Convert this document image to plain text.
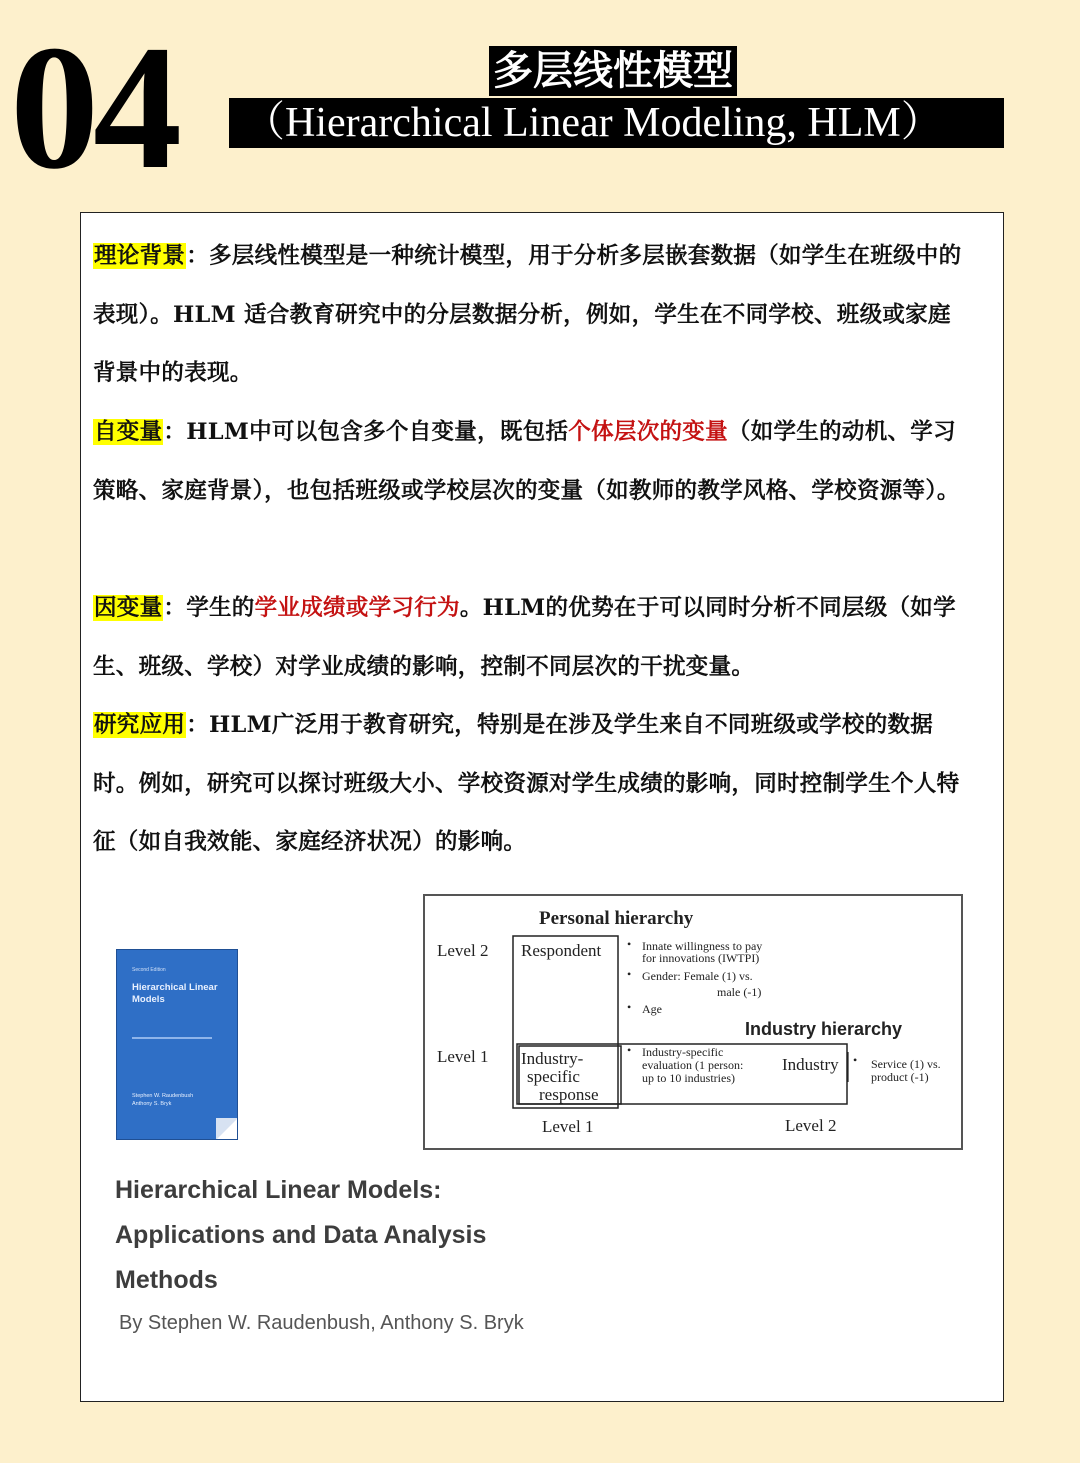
04	多层线性模型
（Hierarchical Linear Modeling, HLM）
理论背景：多层线性模型是一种统计模型，用于分析多层嵌套数据（如学生在班级中的表现）。HLM 适合教育研究中的分层数据分析，例如，学生在不同学校、班级或家庭背景中的表现。
自变量：HLM中可以包含多个自变量，既包括个体层次的变量（如学生的动机、学习策略、家庭背景），也包括班级或学校层次的变量（如教师的教学风格、学校资源等）。
因变量：学生的学业成绩或学习行为。HLM的优势在于可以同时分析不同层级（如学生、班级、学校）对学业成绩的影响，控制不同层次的干扰变量。
研究应用：HLM广泛用于教育研究，特别是在涉及学生来自不同班级或学校的数据时。例如，研究可以探讨班级大小、学校资源对学生成绩的影响，同时控制学生个人特征（如自我效能、家庭经济状况）的影响。
Second Edition
Hierarchical Linear
Models
Stephen W. Raudenbush
Anthony S. Bryk
Personal hierarchy
Level 2
Level 1
Respondent
Industry-
specific
response
• Innate willingness to pay
for innovations (IWTPI)
• Gender: Female (1) vs.
male (-1)
• Age
Industry hierarchy
• Industry-specific
evaluation (1 person:
up to 10 industries)
Industry • Service (1) vs.
product (-1)
Level 1	Level 2
Hierarchical Linear Models:
Applications and Data Analysis
Methods
By Stephen W. Raudenbush, Anthony S. Bryk
